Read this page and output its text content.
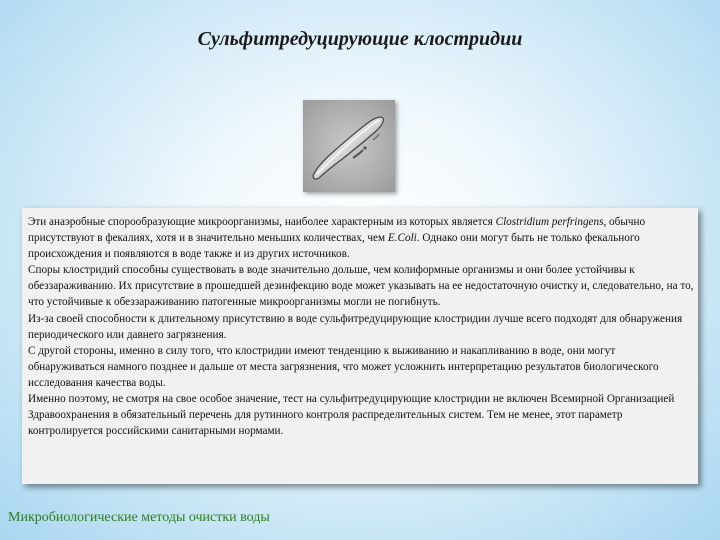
Сульфитредуцирующие клостридии

Эти анаэробные спорообразующие микроорганизмы, наиболее характерным из которых является Clostridium perfringens, обычно присутствуют в фекалиях, хотя и в значительно меньших количествах, чем E.Coli. Однако они могут быть не только фекального происхождения и появляются в воде также и из других источников.

Споры клостридий способны существовать в воде значительно дольше, чем колиформные организмы и они более устойчивы к обеззараживанию. Их присутствие в прошедшей дезинфекцию воде может указывать на ее недостаточную очистку и, следовательно, на то, что устойчивые к обеззараживанию патогенные микроорганизмы могли не погибнуть.

Из-за своей способности к длительному присутствию в воде сульфитредуцирующие клостридии лучше всего подходят для обнаружения периодического или давнего загрязнения.

С другой стороны, именно в силу того, что клостридии имеют тенденцию к выживанию и накапливанию в воде, они могут обнаруживаться намного позднее и дальше от места загрязнения, что может усложнить интерпретацию результатов биологического исследования качества воды.

Именно поэтому, не смотря на свое особое значение, тест на сульфитредуцирующие клостридии не включен Всемирной Организацией Здравоохранения в обязательный перечень для рутинного контроля распределительных систем. Тем не менее, этот параметр контролируется российскими санитарными нормами.

Микробиологические методы очистки воды
